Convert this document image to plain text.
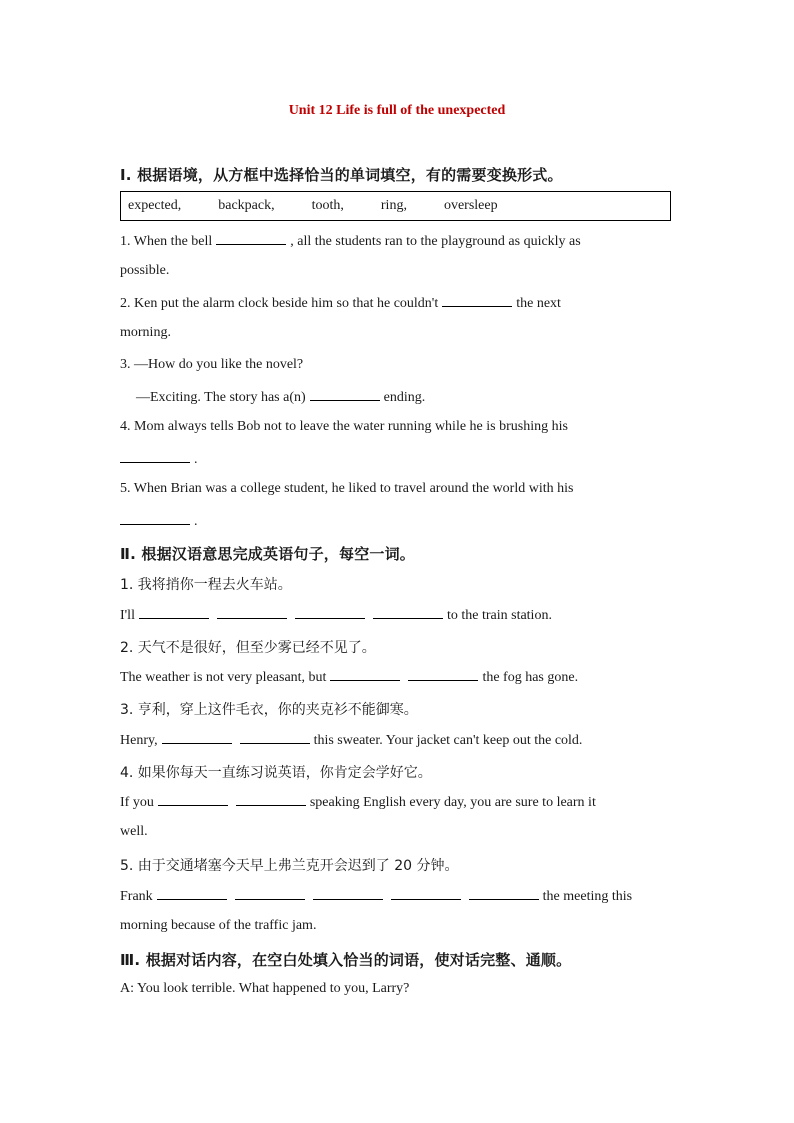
Unit 12 Life is full of the unexpected
Ⅰ. 根据语境，从方框中选择恰当的单词填空，有的需要变换形式。
expected,	backpack,	tooth,	ring,	oversleep
1. When the bell	, all the students ran to the playground as quickly as
possible.
2. Ken put the alarm clock beside him so that he couldn't	the next
morning.
3. —How do you like the novel?
—Exciting. The story has a(n)	ending.
4. Mom always tells Bob not to leave the water running while he is brushing his
.
5. When Brian was a college student, he liked to travel around the world with his
.
Ⅱ. 根据汉语意思完成英语句子，每空一词。
1. 我将捎你一程去火车站。
I'll	to the train station.
2. 天气不是很好，但至少雾已经不见了。
The weather is not very pleasant, but	the fog has gone.
3. 亨利，穿上这件毛衣，你的夹克衫不能御寒。
Henry,	this sweater. Your jacket can't keep out the cold.
4. 如果你每天一直练习说英语，你肯定会学好它。
If you	speaking English every day, you are sure to learn it
well.
5. 由于交通堵塞今天早上弗兰克开会迟到了 20 分钟。
Frank	the meeting this
morning because of the traffic jam.
Ⅲ. 根据对话内容，在空白处填入恰当的词语，使对话完整、通顺。
A: You look terrible. What happened to you, Larry?
